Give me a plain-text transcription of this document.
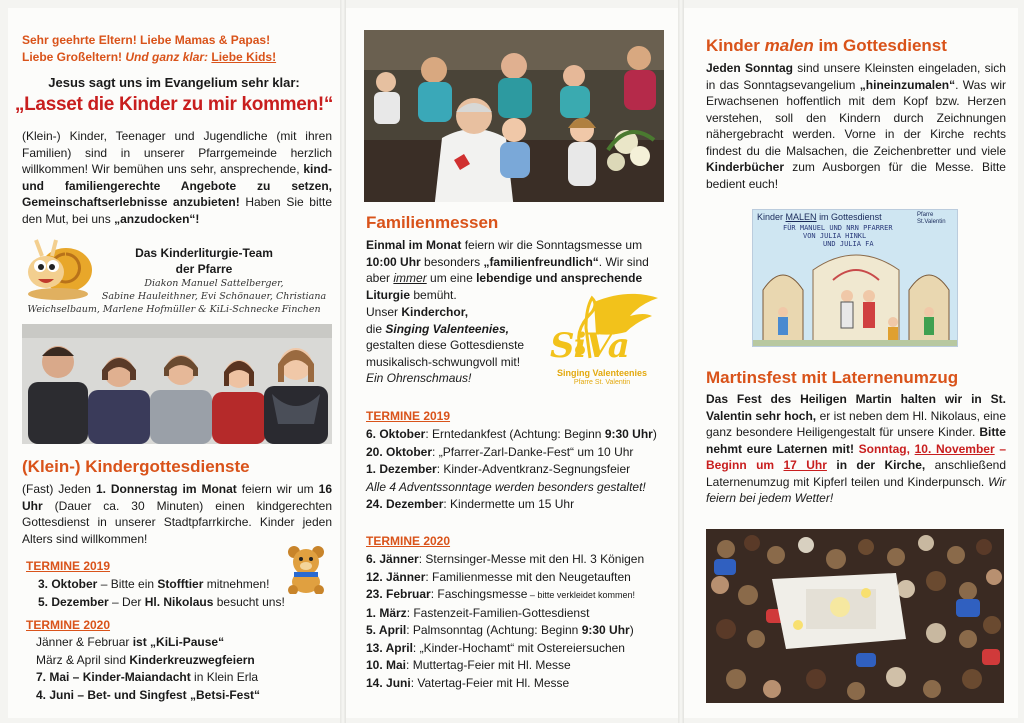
Sehr geehrte Eltern! Liebe Mamas & Papas!
Liebe Großeltern! Und ganz klar: Liebe Kids!
Jesus sagt uns im Evangelium sehr klar:
„Lasset die Kinder zu mir kommen!“
(Klein-) Kinder, Teenager und Jugendliche (mit ihren Familien) sind in unserer Pfarrgemeinde herzlich willkommen! Wir bemühen uns sehr, ansprechende, kind- und familiengerechte Angebote zu setzen, Gemeinschaftserlebnisse anzubieten! Haben Sie bitte den Mut, bei uns „anzudocken“!
Das Kinderliturgie-Team
der Pfarre
Diakon Manuel Sattelberger,
Sabine Hauleithner, Evi Schönauer, Christiana
Weichselbaum, Marlene Hofmüller & KiLi-Schnecke Finchen
(Klein-) Kindergottesdienste
(Fast) Jeden 1. Donnerstag im Monat feiern wir um 16 Uhr (Dauer ca. 30 Minuten) einen kindgerechten Gottesdienst in unserer Stadtpfarrkirche. Kinder jeden Alters sind willkommen!
TERMINE 2019
3. Oktober – Bitte ein Stofftier mitnehmen!
5. Dezember – Der Hl. Nikolaus besucht uns!
TERMINE 2020
Jänner & Februar ist „KiLi-Pause“
März & April sind Kinderkreuzwegfeiern
7. Mai – Kinder-Maiandacht in Klein Erla
4. Juni – Bet- und Singfest „Betsi-Fest“
Familienmessen
Einmal im Monat feiern wir die Sonntagsmesse um 10:00 Uhr besonders „familienfreundlich“. Wir sind aber immer um eine lebendige und ansprechende Liturgie bemüht.
Unser Kinderchor,
die Singing Valenteenies,
gestalten diese Gottesdienste musikalisch-schwungvoll mit!
Ein Ohrenschmaus!
SiVa
Singing Valenteenies
Pfarre St. Valentin
TERMINE 2019
6. Oktober: Erntedankfest (Achtung: Beginn 9:30 Uhr)
20. Oktober: „Pfarrer-Zarl-Danke-Fest“ um 10 Uhr
1. Dezember: Kinder-Adventkranz-Segnungsfeier
Alle 4 Adventssonntage werden besonders gestaltet!
24. Dezember: Kindermette um 15 Uhr
TERMINE 2020
6. Jänner: Sternsinger-Messe mit den Hl. 3 Königen
12. Jänner: Familienmesse mit den Neugetauften
23. Februar: Faschingsmesse – bitte verkleidet kommen!
1. März: Fastenzeit-Familien-Gottesdienst
5. April: Palmsonntag (Achtung: Beginn 9:30 Uhr)
13. April: „Kinder-Hochamt“ mit Ostereiersuchen
10. Mai: Muttertag-Feier mit Hl. Messe
14. Juni: Vatertag-Feier mit Hl. Messe
Kinder malen im Gottesdienst
Jeden Sonntag sind unsere Kleinsten eingeladen, sich in das Sonntagsevangelium „hineinzumalen“. Was wir Erwachsenen hoffentlich mit dem Kopf bzw. Herzen verstehen, soll den Kindern durch Zeichnungen nähergebracht werden. Vorne in der Kirche rechts findest du die Malsachen, die Zeichenbretter und viele Kinderbücher zum Ausborgen für die Messe. Bitte bedient euch!
Kinder MALEN im Gottesdienst	Pfarre St.Valentin
FÜR MANUEL UND NRN PFARRER
VON JULIA HINKL
UND JULIA FA
Martinsfest mit Laternenumzug
Das Fest des Heiligen Martin halten wir in St. Valentin sehr hoch, er ist neben dem Hl. Nikolaus, eine ganz besondere Heiligengestalt für unsere Kinder. Bitte nehmt eure Laternen mit! Sonntag, 10. November – Beginn um 17 Uhr in der Kirche, anschließend Laternenumzug mit Kipferl teilen und Kinderpunsch. Wir feiern bei jedem Wetter!
